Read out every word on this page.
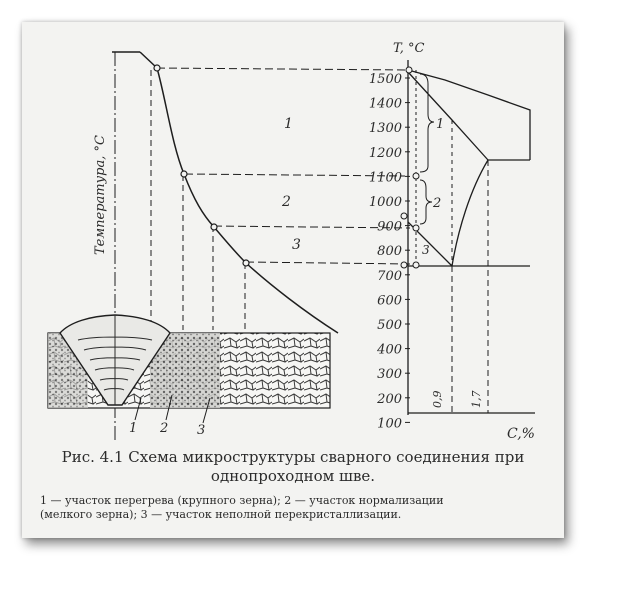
Температура, °C
1
2
3
1 2 3
T, °C
C,%
1500
1400
1300
1200
1100
1000
900
800
700
600
500
400
300
200
100
1
2
3
0,9 1,7
Рис. 4.1 Схема микроструктуры сварного соединения при однопроходном шве.
1 — участок перегрева (крупного зерна); 2 — участок нормализации
(мелкого зерна); 3 — участок неполной перекристаллизации.
